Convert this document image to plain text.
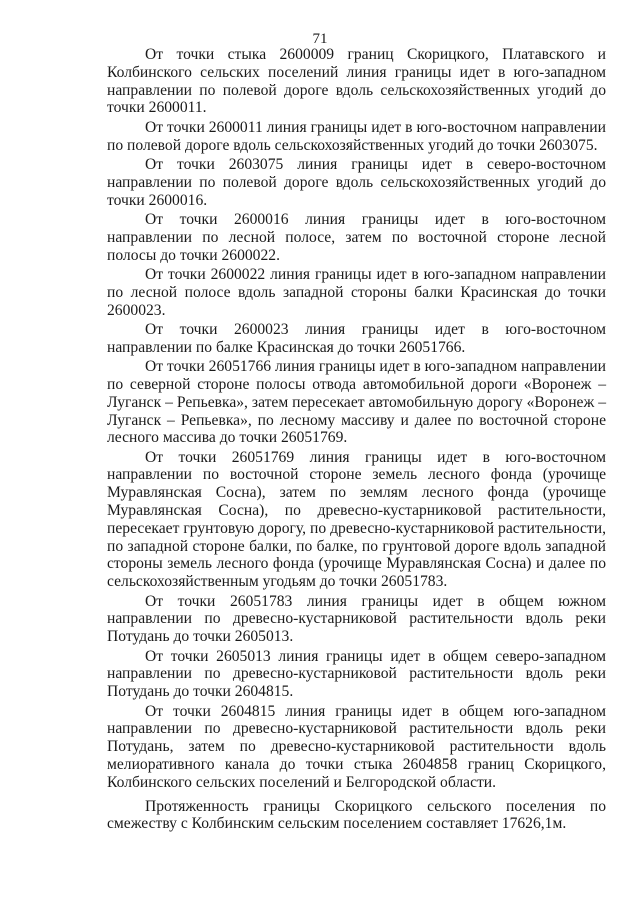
71

От точки стыка 2600009 границ Скорицкого, Платавского и Колбинского сельских поселений линия границы идет в юго-западном направлении по полевой дороге вдоль сельскохозяйственных угодий до точки 2600011.

От точки 2600011 линия границы идет в юго-восточном направлении по полевой дороге вдоль сельскохозяйственных угодий до точки 2603075.

От точки 2603075 линия границы идет в северо-восточном направлении по полевой дороге вдоль сельскохозяйственных угодий до точки 2600016.

От точки 2600016 линия границы идет в юго-восточном направлении по лесной полосе, затем по восточной стороне лесной полосы до точки 2600022.

От точки 2600022 линия границы идет в юго-западном направлении по лесной полосе вдоль западной стороны балки Красинская до точки 2600023.

От точки 2600023 линия границы идет в юго-восточном направлении по балке Красинская до точки 26051766.

От точки 26051766 линия границы идет в юго-западном направлении по северной стороне полосы отвода автомобильной дороги «Воронеж – Луганск – Репьевка», затем пересекает автомобильную дорогу «Воронеж – Луганск – Репьевка», по лесному массиву и далее по восточной стороне лесного массива до точки 26051769.

От точки 26051769 линия границы идет в юго-восточном направлении по восточной стороне земель лесного фонда (урочище Муравлянская Сосна), затем по землям лесного фонда (урочище Муравлянская Сосна), по древесно-кустарниковой растительности, пересекает грунтовую дорогу, по древесно-кустарниковой растительности, по западной стороне балки, по балке, по грунтовой дороге вдоль западной стороны земель лесного фонда (урочище Муравлянская Сосна) и далее по сельскохозяйственным угодьям до точки 26051783.

От точки 26051783 линия границы идет в общем южном направлении по древесно-кустарниковой растительности вдоль реки Потудань до точки 2605013.

От точки 2605013 линия границы идет в общем северо-западном направлении по древесно-кустарниковой растительности вдоль реки Потудань до точки 2604815.

От точки 2604815 линия границы идет в общем юго-западном направлении по древесно-кустарниковой растительности вдоль реки Потудань, затем по древесно-кустарниковой растительности вдоль мелиоративного канала до точки стыка 2604858 границ Скорицкого, Колбинского сельских поселений и Белгородской области.

Протяженность границы Скорицкого сельского поселения по смежеству с Колбинским сельским поселением составляет 17626,1м.
